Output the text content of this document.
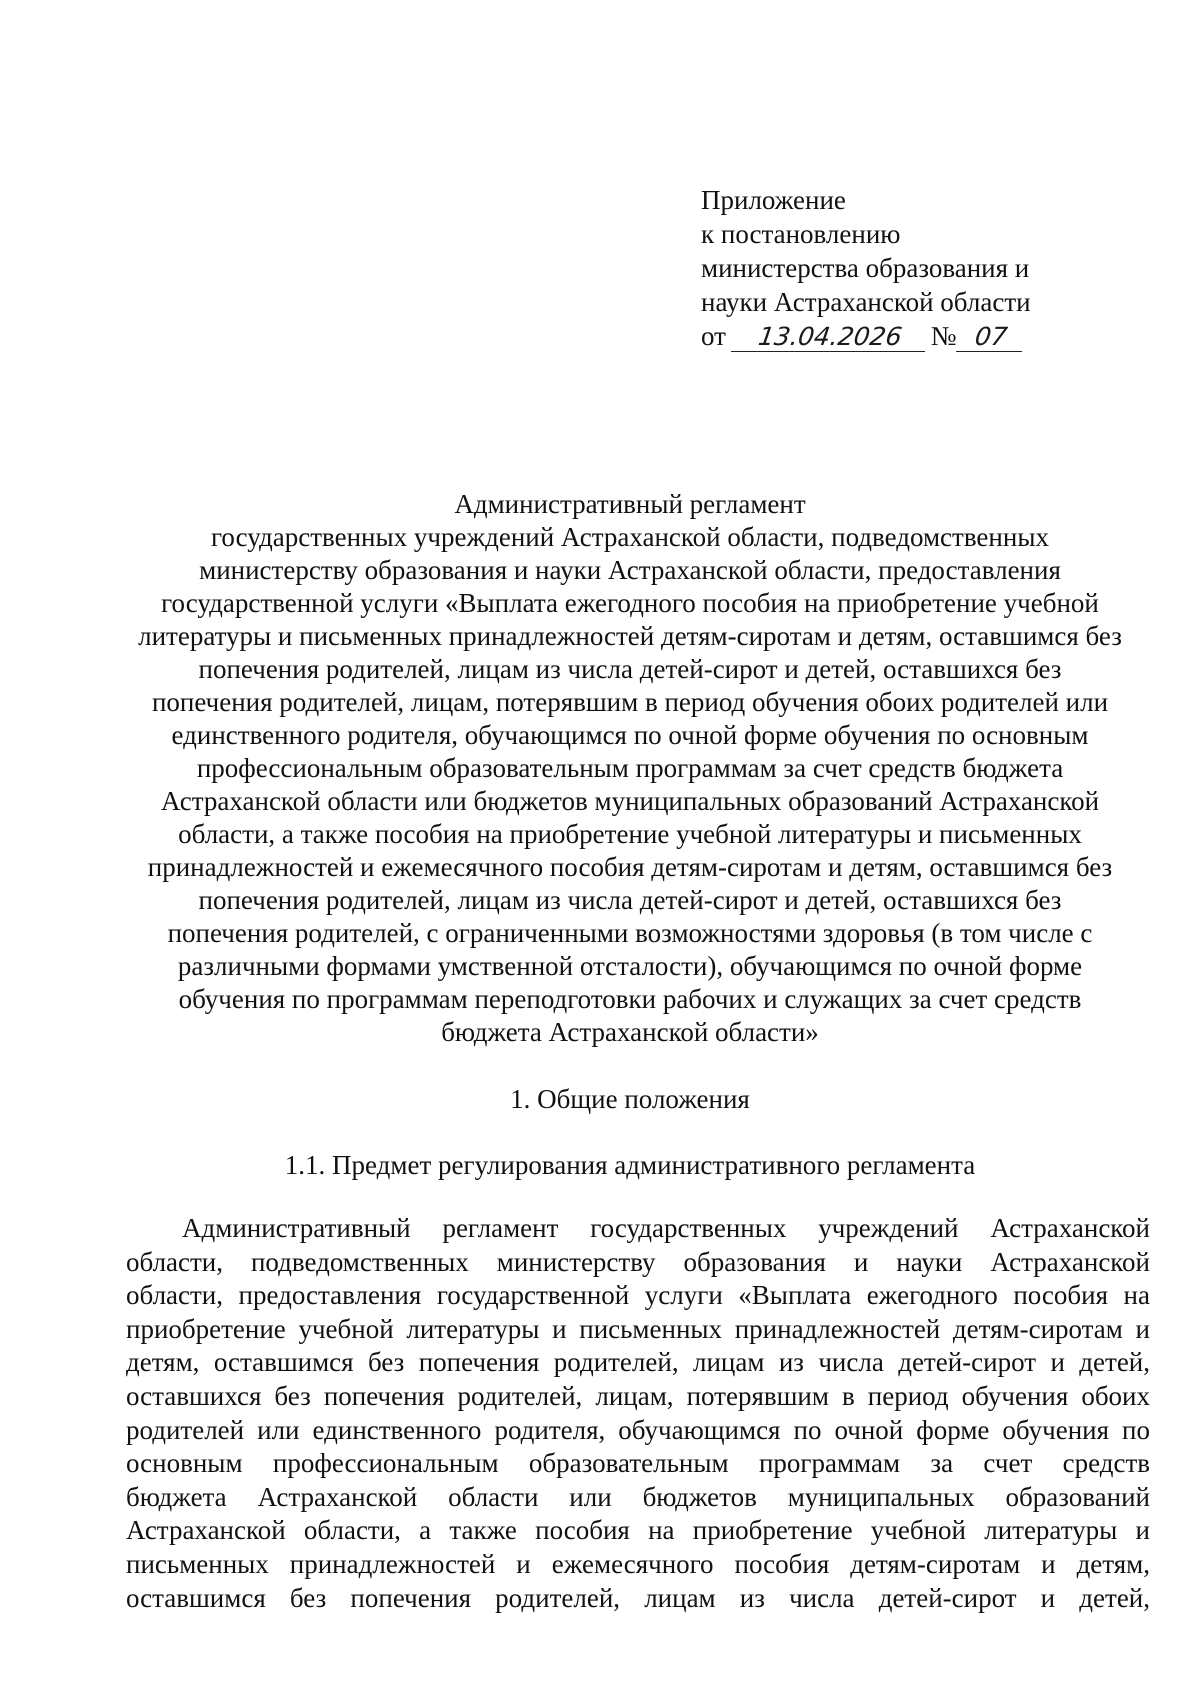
Приложение
к постановлению
министерства образования и
науки Астраханской области
от 13.04.2026 № 07
Административный регламент
государственных учреждений Астраханской области, подведомственных
министерству образования и науки Астраханской области, предоставления
государственной услуги «Выплата ежегодного пособия на приобретение учебной
литературы и письменных принадлежностей детям-сиротам и детям, оставшимся без
попечения родителей, лицам из числа детей-сирот и детей, оставшихся без
попечения родителей, лицам, потерявшим в период обучения обоих родителей или
единственного родителя, обучающимся по очной форме обучения по основным
профессиональным образовательным программам за счет средств бюджета
Астраханской области или бюджетов муниципальных образований Астраханской
области, а также пособия на приобретение учебной литературы и письменных
принадлежностей и ежемесячного пособия детям-сиротам и детям, оставшимся без
попечения родителей, лицам из числа детей-сирот и детей, оставшихся без
попечения родителей, с ограниченными возможностями здоровья (в том числе с
различными формами умственной отсталости), обучающимся по очной форме
обучения по программам переподготовки рабочих и служащих за счет средств
бюджета Астраханской области»
1. Общие положения
1.1. Предмет регулирования административного регламента
Административный регламент государственных учреждений Астраханской
области, подведомственных министерству образования и науки Астраханской
области, предоставления государственной услуги «Выплата ежегодного пособия на
приобретение учебной литературы и письменных принадлежностей детям-сиротам и
детям, оставшимся без попечения родителей, лицам из числа детей-сирот и детей,
оставшихся без попечения родителей, лицам, потерявшим в период обучения обоих
родителей или единственного родителя, обучающимся по очной форме обучения по
основным профессиональным образовательным программам за счет средств
бюджета Астраханской области или бюджетов муниципальных образований
Астраханской области, а также пособия на приобретение учебной литературы и
письменных принадлежностей и ежемесячного пособия детям-сиротам и детям,
оставшимся без попечения родителей, лицам из числа детей-сирот и детей,
